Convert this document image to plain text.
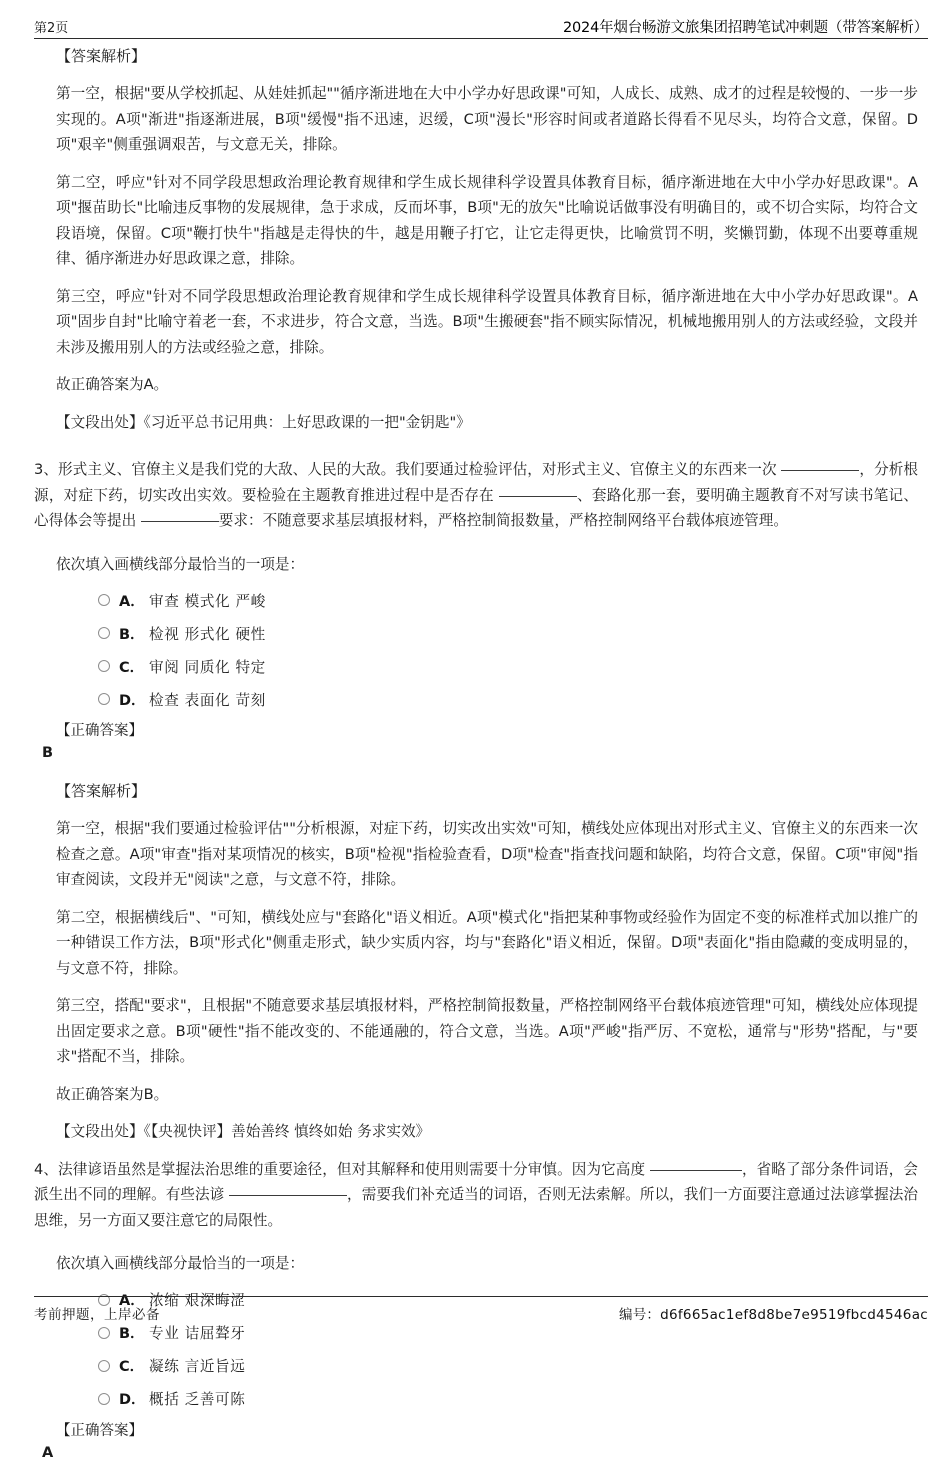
第2页	2024年烟台畅游文旅集团招聘笔试冲刺题（带答案解析）
【答案解析】

第一空，根据"要从学校抓起、从娃娃抓起""循序渐进地在大中小学办好思政课"可知，人成长、成熟、成才的过程是较慢的、一步一步实现的。A项"渐进"指逐渐进展，B项"缓慢"指不迅速，迟缓，C项"漫长"形容时间或者道路长得看不见尽头，均符合文意，保留。D项"艰辛"侧重强调艰苦，与文意无关，排除。

第二空，呼应"针对不同学段思想政治理论教育规律和学生成长规律科学设置具体教育目标，循序渐进地在大中小学办好思政课"。A项"揠苗助长"比喻违反事物的发展规律，急于求成，反而坏事，B项"无的放矢"比喻说话做事没有明确目的，或不切合实际，均符合文段语境，保留。C项"鞭打快牛"指越是走得快的牛，越是用鞭子打它，让它走得更快，比喻赏罚不明，奖懒罚勤，体现不出要尊重规律、循序渐进办好思政课之意，排除。

第三空，呼应"针对不同学段思想政治理论教育规律和学生成长规律科学设置具体教育目标，循序渐进地在大中小学办好思政课"。A项"固步自封"比喻守着老一套，不求进步，符合文意，当选。B项"生搬硬套"指不顾实际情况，机械地搬用别人的方法或经验，文段并未涉及搬用别人的方法或经验之意，排除。

故正确答案为A。

【文段出处】《习近平总书记用典：上好思政课的一把"金钥匙"》

3、形式主义、官僚主义是我们党的大敌、人民的大敌。我们要通过检验评估，对形式主义、官僚主义的东西来一次	，分析根源，对症下药，切实改出实效。要检验在主题教育推进过程中是否存在	、套路化那一套，要明确主题教育不对写读书笔记、心得体会等提出	要求：不随意要求基层填报材料，严格控制简报数量，严格控制网络平台载体痕迹管理。

依次填入画横线部分最恰当的一项是：

A． 审查 模式化 严峻
B． 检视 形式化 硬性
C． 审阅 同质化 特定
D． 检查 表面化 苛刻
【正确答案】
B
【答案解析】

第一空，根据"我们要通过检验评估""分析根源，对症下药，切实改出实效"可知，横线处应体现出对形式主义、官僚主义的东西来一次检查之意。A项"审查"指对某项情况的核实，B项"检视"指检验查看，D项"检查"指查找问题和缺陷，均符合文意，保留。C项"审阅"指审查阅读，文段并无"阅读"之意，与文意不符，排除。

第二空，根据横线后"、"可知，横线处应与"套路化"语义相近。A项"模式化"指把某种事物或经验作为固定不变的标准样式加以推广的一种错误工作方法，B项"形式化"侧重走形式，缺少实质内容，均与"套路化"语义相近，保留。D项"表面化"指由隐藏的变成明显的，与文意不符，排除。

第三空，搭配"要求"，且根据"不随意要求基层填报材料，严格控制简报数量，严格控制网络平台载体痕迹管理"可知，横线处应体现提出固定要求之意。B项"硬性"指不能改变的、不能通融的，符合文意，当选。A项"严峻"指严厉、不宽松，通常与"形势"搭配，与"要求"搭配不当，排除。

故正确答案为B。

【文段出处】《【央视快评】善始善终 慎终如始 务求实效》

4、法律谚语虽然是掌握法治思维的重要途径，但对其解释和使用则需要十分审慎。因为它高度	，省略了部分条件词语，会派生出不同的理解。有些法谚	，需要我们补充适当的词语，否则无法索解。所以，我们一方面要注意通过法谚掌握法治思维，另一方面又要注意它的局限性。

依次填入画横线部分最恰当的一项是：

A． 浓缩 艰深晦涩
B． 专业 诘屈聱牙
C． 凝练 言近旨远
D． 概括 乏善可陈
【正确答案】
A
考前押题，上岸必备	编号：d6f665ac1ef8d8be7e9519fbcd4546ac
